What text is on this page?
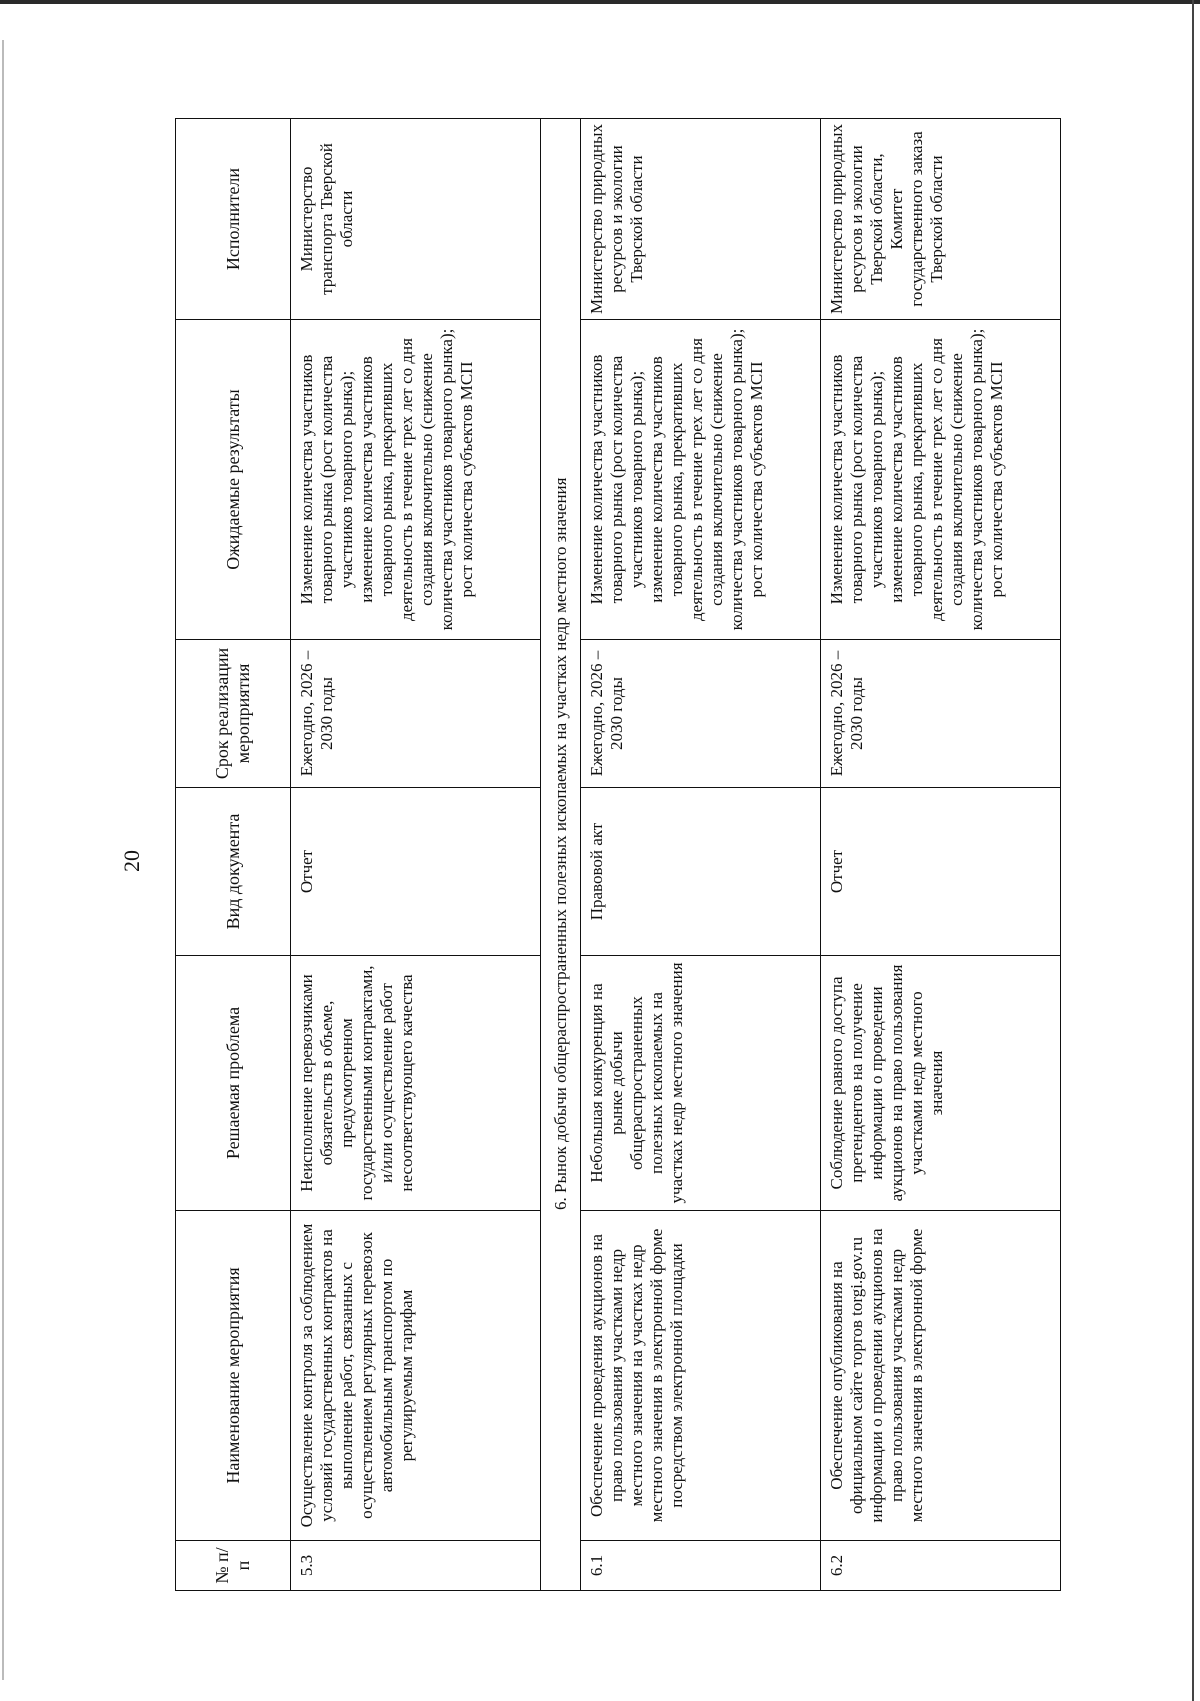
20
№ п/п	Наименование мероприятия	Решаемая проблема	Вид документа	Срок реализации мероприятия	Ожидаемые результаты	Исполнители
5.3	Осуществление контроля за соблюдением условий государственных контрактов на выполнение работ, связанных с осуществлением регулярных перевозок автомобильным транспортом по регулируемым тарифам	Неисполнение перевозчиками обязательств в объеме, предусмотренном государственными контрактами, и/или осуществление работ несоответствующего качества	Отчет	Ежегодно, 2026 – 2030 годы	Изменение количества участников товарного рынка (рост количества участников товарного рынка);
изменение количества участников товарного рынка, прекративших деятельность в течение трех лет со дня создания включительно (снижение количества участников товарного рынка);
рост количества субъектов МСП	Министерство транспорта Тверской области
6. Рынок добычи общераспространенных полезных ископаемых на участках недр местного значения						
6.1	Обеспечение проведения аукционов на право пользования участками недр местного значения на участках недр местного значения в электронной форме посредством электронной площадки	Небольшая конкуренция на рынке добычи общераспространенных полезных ископаемых на участках недр местного значения	Правовой акт	Ежегодно, 2026 – 2030 годы	Изменение количества участников товарного рынка (рост количества участников товарного рынка);
изменение количества участников товарного рынка, прекративших деятельность в течение трех лет со дня создания включительно (снижение количества участников товарного рынка);
рост количества субъектов МСП	Министерство природных ресурсов и экологии Тверской области
6.2	Обеспечение опубликования на официальном сайте торгов torgi.gov.ru информации о проведении аукционов на право пользования участками недр местного значения в электронной форме	Соблюдение равного доступа претендентов на получение информации о проведении аукционов на право пользования участками недр местного значения	Отчет	Ежегодно, 2026 – 2030 годы	Изменение количества участников товарного рынка (рост количества участников товарного рынка);
изменение количества участников товарного рынка, прекративших деятельность в течение трех лет со дня создания включительно (снижение количества участников товарного рынка);
рост количества субъектов МСП	Министерство природных ресурсов и экологии Тверской области, Комитет государственного заказа Тверской области
